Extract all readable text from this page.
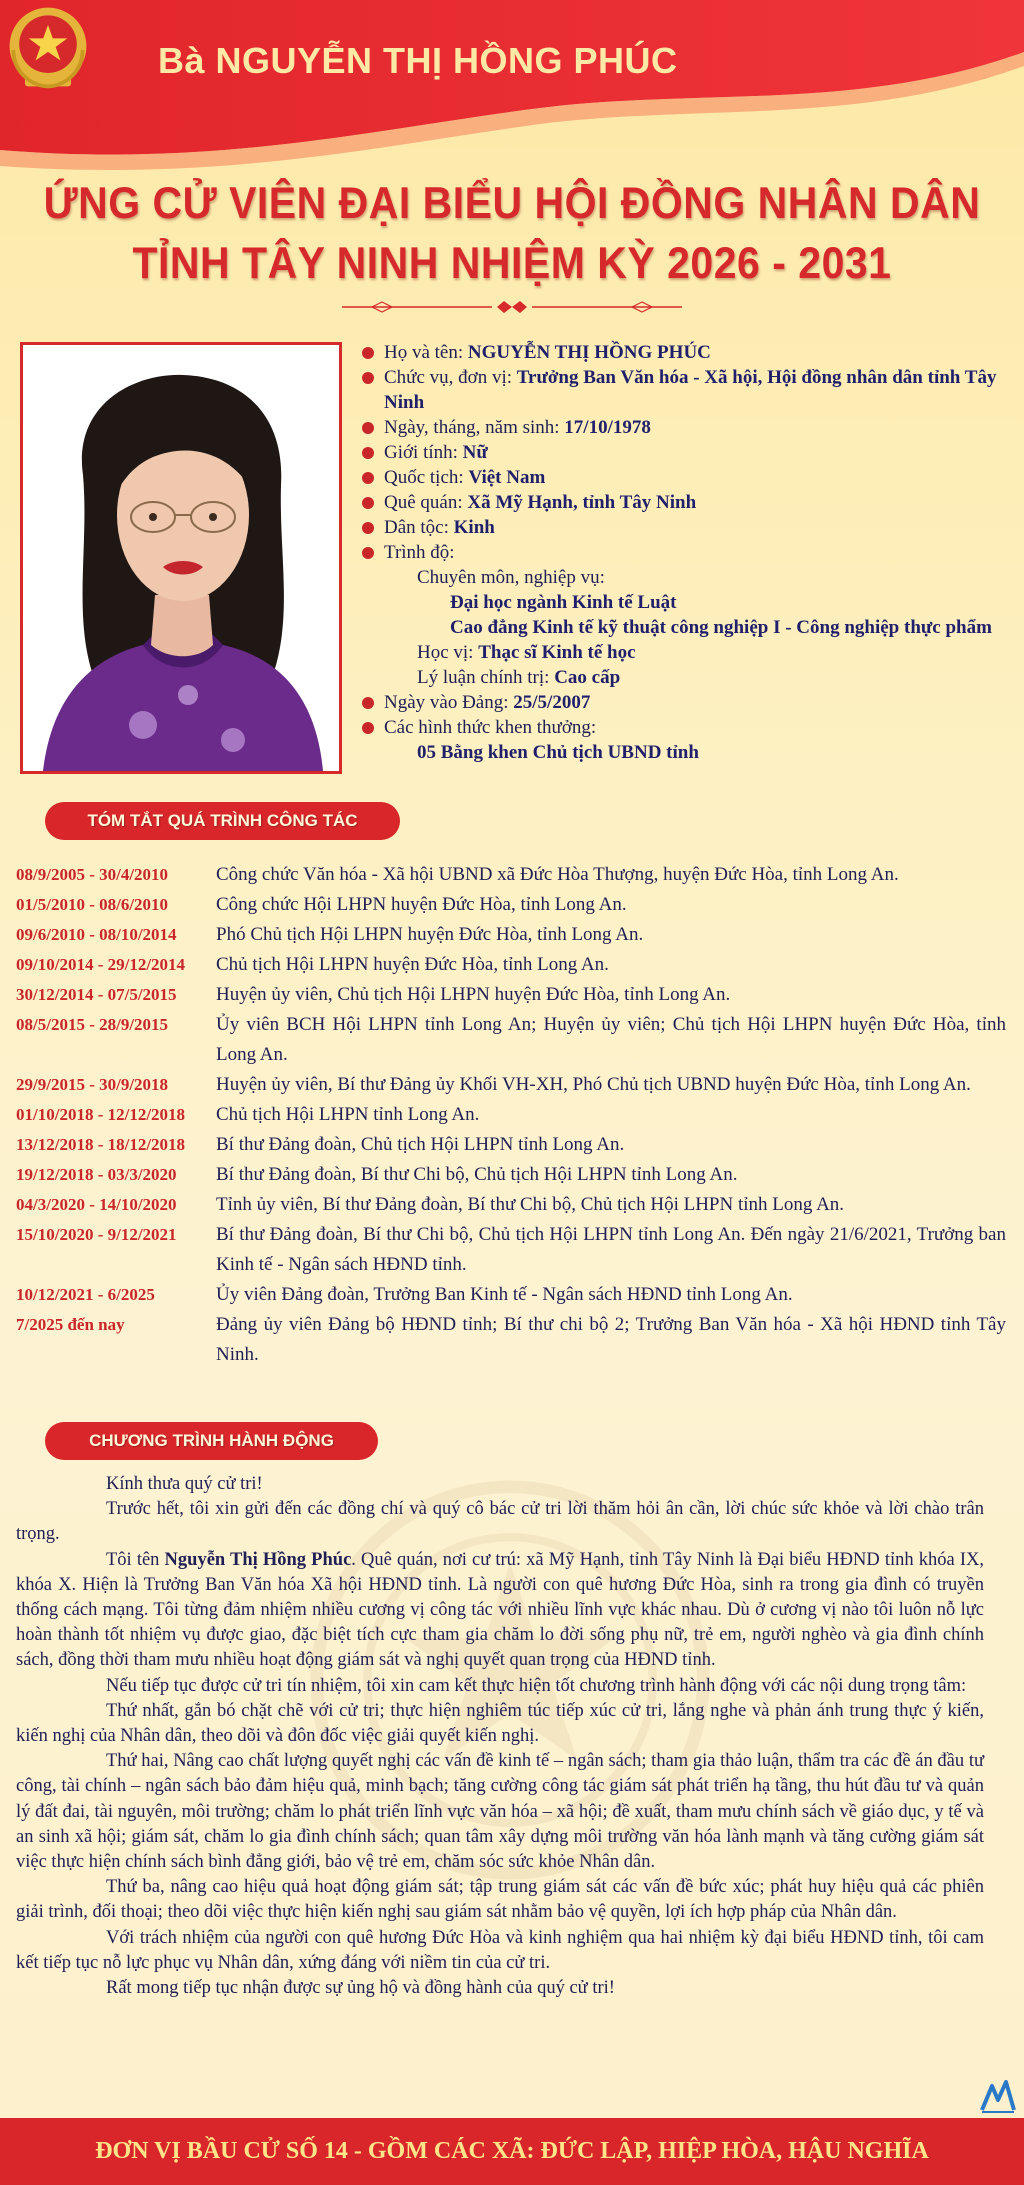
Bà NGUYỄN THỊ HỒNG PHÚC
ỨNG CỬ VIÊN ĐẠI BIỂU HỘI ĐỒNG NHÂN DÂN
TỈNH TÂY NINH NHIỆM KỲ 2026 - 2031
Họ và tên: NGUYỄN THỊ HỒNG PHÚC
Chức vụ, đơn vị: Trưởng Ban Văn hóa - Xã hội, Hội đồng nhân dân tỉnh Tây Ninh
Ngày, tháng, năm sinh: 17/10/1978
Giới tính: Nữ
Quốc tịch: Việt Nam
Quê quán: Xã Mỹ Hạnh, tỉnh Tây Ninh
Dân tộc: Kinh
Trình độ:
Chuyên môn, nghiệp vụ:
Đại học ngành Kinh tế Luật
Cao đẳng Kinh tế kỹ thuật công nghiệp I - Công nghiệp thực phẩm
Học vị: Thạc sĩ Kinh tế học
Lý luận chính trị: Cao cấp
Ngày vào Đảng: 25/5/2007
Các hình thức khen thưởng:
05 Bằng khen Chủ tịch UBND tỉnh
TÓM TẮT QUÁ TRÌNH CÔNG TÁC
08/9/2005 - 30/4/2010	Công chức Văn hóa - Xã hội UBND xã Đức Hòa Thượng, huyện Đức Hòa, tỉnh Long An.
01/5/2010 - 08/6/2010	Công chức Hội LHPN huyện Đức Hòa, tỉnh Long An.
09/6/2010 - 08/10/2014	Phó Chủ tịch Hội LHPN huyện Đức Hòa, tỉnh Long An.
09/10/2014 - 29/12/2014	Chủ tịch Hội LHPN huyện Đức Hòa, tỉnh Long An.
30/12/2014 - 07/5/2015	Huyện ủy viên, Chủ tịch Hội LHPN huyện Đức Hòa, tỉnh Long An.
08/5/2015 - 28/9/2015	Ủy viên BCH Hội LHPN tỉnh Long An; Huyện ủy viên; Chủ tịch Hội LHPN huyện Đức Hòa, tỉnh Long An.
29/9/2015 - 30/9/2018	Huyện ủy viên, Bí thư Đảng ủy Khối VH-XH, Phó Chủ tịch UBND huyện Đức Hòa, tỉnh Long An.
01/10/2018 - 12/12/2018	Chủ tịch Hội LHPN tỉnh Long An.
13/12/2018 - 18/12/2018	Bí thư Đảng đoàn, Chủ tịch Hội LHPN tỉnh Long An.
19/12/2018 - 03/3/2020	Bí thư Đảng đoàn, Bí thư Chi bộ, Chủ tịch Hội LHPN tỉnh Long An.
04/3/2020 - 14/10/2020	Tỉnh ủy viên, Bí thư Đảng đoàn, Bí thư Chi bộ, Chủ tịch Hội LHPN tỉnh Long An.
15/10/2020 - 9/12/2021	Bí thư Đảng đoàn, Bí thư Chi bộ, Chủ tịch Hội LHPN tỉnh Long An. Đến ngày 21/6/2021, Trưởng ban Kinh tế - Ngân sách HĐND tỉnh.
10/12/2021 - 6/2025	Ủy viên Đảng đoàn, Trưởng Ban Kinh tế - Ngân sách HĐND tỉnh Long An.
7/2025 đến nay	Đảng ủy viên Đảng bộ HĐND tỉnh; Bí thư chi bộ 2; Trưởng Ban Văn hóa - Xã hội HĐND tỉnh Tây Ninh.
CHƯƠNG TRÌNH HÀNH ĐỘNG

Kính thưa quý cử tri!

Trước hết, tôi xin gửi đến các đồng chí và quý cô bác cử tri lời thăm hỏi ân cần, lời chúc sức khỏe và lời chào trân trọng.

Tôi tên Nguyễn Thị Hồng Phúc. Quê quán, nơi cư trú: xã Mỹ Hạnh, tỉnh Tây Ninh là Đại biểu HĐND tỉnh khóa IX, khóa X. Hiện là Trưởng Ban Văn hóa Xã hội HĐND tỉnh. Là người con quê hương Đức Hòa, sinh ra trong gia đình có truyền thống cách mạng. Tôi từng đảm nhiệm nhiều cương vị công tác với nhiều lĩnh vực khác nhau. Dù ở cương vị nào tôi luôn nỗ lực hoàn thành tốt nhiệm vụ được giao, đặc biệt tích cực tham gia chăm lo đời sống phụ nữ, trẻ em, người nghèo và gia đình chính sách, đồng thời tham mưu nhiều hoạt động giám sát và nghị quyết quan trọng của HĐND tỉnh.

Nếu tiếp tục được cử tri tín nhiệm, tôi xin cam kết thực hiện tốt chương trình hành động với các nội dung trọng tâm:

Thứ nhất, gắn bó chặt chẽ với cử tri; thực hiện nghiêm túc tiếp xúc cử tri, lắng nghe và phản ánh trung thực ý kiến, kiến nghị của Nhân dân, theo dõi và đôn đốc việc giải quyết kiến nghị.

Thứ hai, Nâng cao chất lượng quyết nghị các vấn đề kinh tế – ngân sách; tham gia thảo luận, thẩm tra các đề án đầu tư công, tài chính – ngân sách bảo đảm hiệu quả, minh bạch; tăng cường công tác giám sát phát triển hạ tầng, thu hút đầu tư và quản lý đất đai, tài nguyên, môi trường; chăm lo phát triển lĩnh vực văn hóa – xã hội; đề xuất, tham mưu chính sách về giáo dục, y tế và an sinh xã hội; giám sát, chăm lo gia đình chính sách; quan tâm xây dựng môi trường văn hóa lành mạnh và tăng cường giám sát việc thực hiện chính sách bình đẳng giới, bảo vệ trẻ em, chăm sóc sức khỏe Nhân dân.

Thứ ba, nâng cao hiệu quả hoạt động giám sát; tập trung giám sát các vấn đề bức xúc; phát huy hiệu quả các phiên giải trình, đối thoại; theo dõi việc thực hiện kiến nghị sau giám sát nhằm bảo vệ quyền, lợi ích hợp pháp của Nhân dân.

Với trách nhiệm của người con quê hương Đức Hòa và kinh nghiệm qua hai nhiệm kỳ đại biểu HĐND tỉnh, tôi cam kết tiếp tục nỗ lực phục vụ Nhân dân, xứng đáng với niềm tin của cử tri.

Rất mong tiếp tục nhận được sự ủng hộ và đồng hành của quý cử tri!

ĐƠN VỊ BẦU CỬ SỐ 14 - GỒM CÁC XÃ: ĐỨC LẬP, HIỆP HÒA, HẬU NGHĨA
